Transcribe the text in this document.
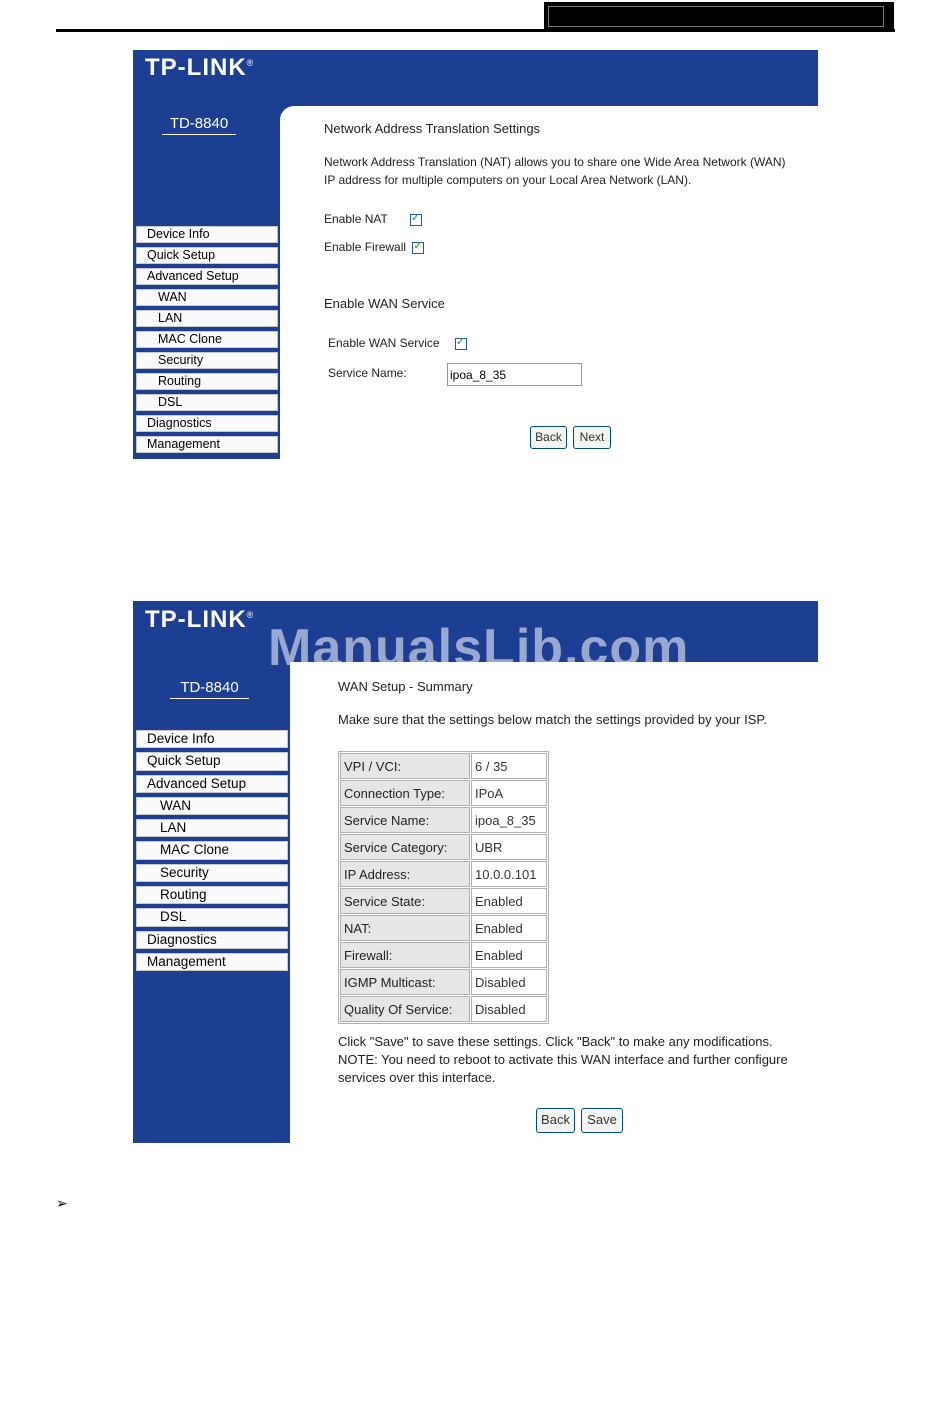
TP-LINK®
TD-8840
Device Info
Quick Setup
Advanced Setup
WAN
LAN
MAC Clone
Security
Routing
DSL
Diagnostics
Management
Network Address Translation Settings

Network Address Translation (NAT) allows you to share one Wide Area Network (WAN)

IP address for multiple computers on your Local Area Network (LAN).

Enable NAT ✓
Enable Firewall ✓
Enable WAN Service
Enable WAN Service ✓
Service Name:
ipoa_8_35
Back	Next
TP-LINK®
TD-8840
Device Info
Quick Setup
Advanced Setup
WAN
LAN
MAC Clone
Security
Routing
DSL
Diagnostics
Management
WAN Setup - Summary

Make sure that the settings below match the settings provided by your ISP.

VPI / VCI:	6 / 35
Connection Type:	IPoA
Service Name:	ipoa_8_35
Service Category:	UBR
IP Address:	10.0.0.101
Service State:	Enabled
NAT:	Enabled
Firewall:	Enabled
IGMP Multicast:	Disabled
Quality Of Service:	Disabled

Click "Save" to save these settings. Click "Back" to make any modifications.

NOTE: You need to reboot to activate this WAN interface and further configure

services over this interface.

Back	Save
ManualsLib.com
➢
